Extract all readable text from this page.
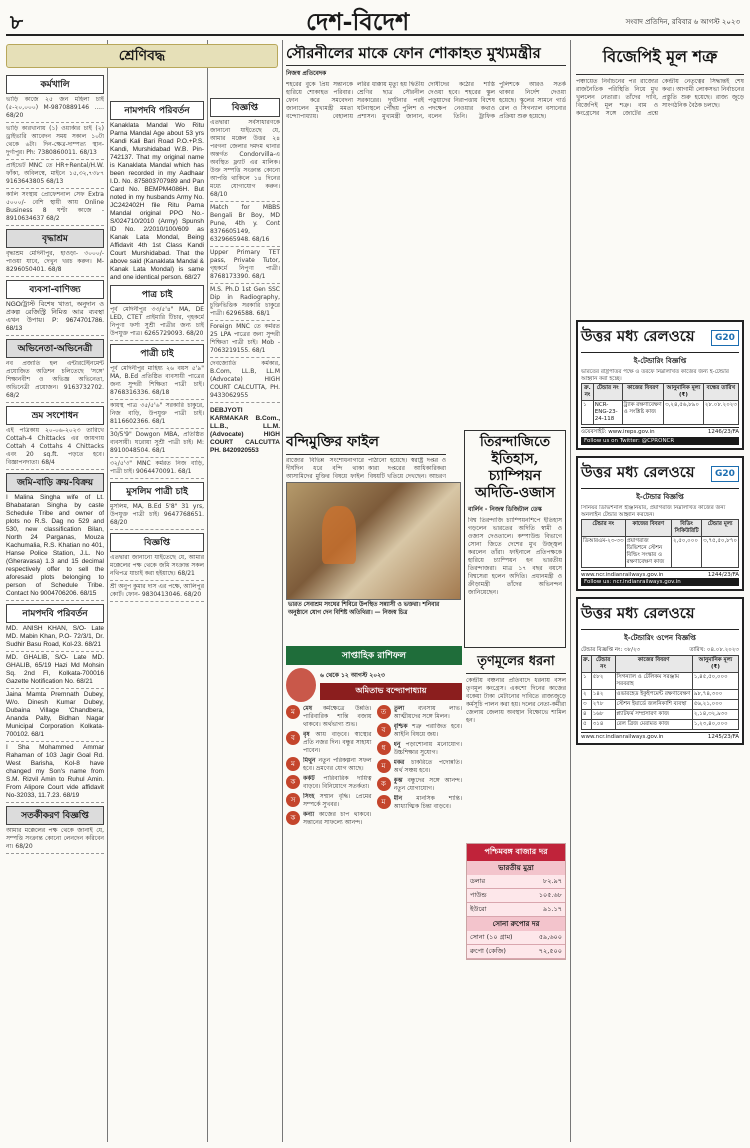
৮	দেশ-বিদেশ	সংবাদ প্রতিদিন, রবিবার ৬ আগস্ট ২০২৩
শ্রেণিবদ্ধ
কর্মখালি
ভাড়ি কাজে ২৫ জন মহিলা চাই (৫-২০,০০০) M-9870889146 ..... 68/20
ভাড়ি কারখানায় (১) ওয়ার্কার চাই (২) ড্রাইভারি আবেদন সময় সকাল ১০টা থেকে ৬টা। দিন-ক্ষেত্র-দাম্পত্য স্থান-দুর্গাপুর। Ph: 7380860011. 68/13
প্রাইভেট MNC তে HR+Rental/H.W. ফাঁকা, অবিলম্বে, মাইনে ১৫,৩২,৭৩৮৭ 9163643805 68/13
কালি সংস্থায় প্রোফেশনাল সেফ Extra ৫০০০/- বেশি স্থায়ী আয় Online Business 8 ঘণ্টা কাজে - 8910634637 68/2
বৃদ্ধাশ্রম
বৃদ্ধাশ্রম মেদিনীপুর, হাওড়া- ৩০০০/- পাওয়া যাবে, দেখুন খরচ করুন। M- 8296050401. 68/8
ব্যবসা-বাণিজ্য
NGO/ট্রাস্ট বিশেষ খাতা, অনুদান ও প্রকল্প রেজিস্ট্রি নিমিত্ত আর ব্যবস্থা এখন উপায়। P: 9674701786. 68/13
অভিনেতা-অভিনেত্রী
নব প্রজাতি হল এন্টারটেইনমেন্ট প্রযোজিত অডিশন চলিতেছে 'সঙ্গে' শিক্ষানবীশ ও অভিজ্ঞ অভিনেতা, অভিনেত্রী প্রয়োজন। 9163732702. 68/2
ভ্রম সংশোধন
এই পত্রিকায় ২০-০৬-২০২৩ তারিখে Cottah-4 Chittacks এর জায়গায় Cottah 4 Cottahs 4 Chittacks এবং 20 sq.ft. পড়তে হবে। বিজ্ঞাপনদাতা। 68/4
জমি-বাড়ি ক্রয়-বিক্রয়
I Malina Singha wife of Lt. Bhabataran Singha by caste Schedule Tribe and owner of plots no R.S. Dag no 529 and 530, new classification Bilan, North 24 Parganas, Mouza Kachumalia, R.S. Khatian no 401, Hanse Police Station, J.L. No (Gheravasa) 1.3 and 15 decimal respectively offer to sell the aforesaid plots belonging to person of Schedule Tribe. Contact No 9004706206. 68/15
নামপদবি পরিবর্তন
MD. ANISH KHAN, S/O- Late MD. Mabin Khan, P.O- 72/3/1, Dr. Sudhir Basu Road, Kol-23. 68/21
MD. GHALIB, S/O- Late MD. GHALIB, 65/19 Hazi Md Mohsin Sq. 2nd Fl, Kolkata-700016 Gazette Notification No. 68/21
Jaina Mamta Premnath Dubey, W/o. Dinesh Kumar Dubey, Dubaina Village 'Chandbera, Ananda Palty, Bidhan Nagar Municipal Corporation Kolkata-700102. 68/1
I Sha Mohammed Ammar Rahaman of 103 Jagir Goal Rd. West Barisha, Kol-8 have changed my Son's name from S.M. Rizvil Amin to Ruhul Amin. From Alipore Court vide affidavit No-32033, 11.7.23. 68/19
সতর্কীকরণ বিজ্ঞপ্তি
আমার মক্কেলের পক্ষ থেকে জানাই যে, সম্পত্তি সংক্রান্ত কোনো লেনদেন করিবেন না। 68/20
নামপদবি পরিবর্তন
Kanaklata Mandal Wo Ritu Parna Mandal Age about 53 yrs Kandi Kali Bari Road P.O.+P.S. Kandi, Murshidabad W.B. Pin-742137. That my original name is Kanaklata Mandal which has been recorded in my Aadhaar I.D. No. 875803707989 and Pan Card No. BEMPM4086H. But noted in my husbands Army No. JC242402H file Ritu Parna Mandal original PPO No.- S/024710/2010 (Army) Spunsh ID No. 2/2010/100/609 as Kanak Lata Mondal, Being Affidavit 4th 1st Class Kandi Court Murshidabad. That the above said (Kanaklata Mandal & Kanak Lata Mondal) is same and one identical person. 68/27
পাত্র চাই
পূর্ব মেদিনীপুর ৩৩/৫'৪" MA, DE LED, CTET প্রাইমারি টিচার, গৃহকর্মে নিপুণা ফর্সা সুশ্রী পাত্রীর জন্য চাই উপযুক্ত পাত্র। 6265729093. 68/20
পাত্রী চাই
পূর্ব মেদিনীপুর মাহিষ্য ২৬ বয়স ৫'৯" MA, B.Ed প্রতিষ্ঠিত ব্যবসায়ী পাত্রের জন্য সুন্দরী শিক্ষিতা পাত্রী চাই। 8768316336. 68/18
কায়স্থ পাত্র ৩৫/৫'৬" সরকারি চাকুরে, নিজ বাড়ি, উপযুক্ত পাত্রী চাই। 8116602366. 68/1
30/5'9" Dowgon MBA, প্রতিষ্ঠিত ব্যবসায়ী। ঘরোয়া সুশ্রী পাত্রী চাই। M: 8910048504. 68/1
৩২/৫'৩" MNC কর্মরত নিজ বাড়ি, পাত্রী চাই। 9064470091. 68/1
মুসলিম পাত্রী চাই
মুসলিম, MA, B.Ed 5'8" 31 yrs, উপযুক্ত পাত্রী চাই। 9647768651. 68/20
বিজ্ঞপ্তি
এতদ্বারা জানানো যাইতেছে যে, আমার মক্কেলের পক্ষ থেকে জমি সংক্রান্ত সকল নথিপত্র যাচাই করা হইয়াছে। 68/21
শ্রী অনুপ কুমার দাস এর পক্ষে, আলিপুর কোর্ট। ফোন- 9830413046. 68/20
বিজ্ঞপ্তি
এতদ্বারা সর্বসাধারণকে জানানো যাইতেছে যে, আমার মক্কেল উত্তর ২৪ পরগনা জেলার দমদম থানার অন্তর্গত Condorvilla-এ অবস্থিত ফ্ল্যাট এর মালিক। উক্ত সম্পত্তি সংক্রান্ত কোনো আপত্তি থাকিলে ১৪ দিনের মধ্যে যোগাযোগ করুন। 68/10
Match for MBBS Bengali Br Boy, MD Pune, 4th y. Cont 8376605149, 6329665948. 68/16
Upper Primary TET pass, Private Tutor, গৃহকর্মে নিপুণা পাত্রী। 8768173390. 68/1
M.S. Ph.D 1st Gen SSC Dip in Radiography, চুক্তিভিত্তিক সরকারি চাকুরে পাত্রী। 6296588. 68/1
Foreign MNC তে কর্মরত 25 LPA পাত্রের জন্য সুন্দরী শিক্ষিতা পাত্রী চাই। Mob - 7063219155. 68/1
দেবজ্যোতি কর্মকার, B.Com, LL.B, LL.M (Advocate) HIGH COURT CALCUTTA, PH. 9433062955
DEBJYOTI KARMAKAR B.Com., LL.B., LL.M. (Advocate) HIGH COURT CALCUTTA PH. 8420920553
সৌরনীলের মাকে ফোন শোকাহত মুখ্যমন্ত্রীর
নিজস্ব প্রতিবেদক
শহরের বুকে প্রিয় সন্তানকে হারিয়ে শোকাহত পরিবার। ফোন করে সমবেদনা জানালেন মুখ্যমন্ত্রী মমতা বন্দ্যোপাধ্যায়। বেহালায় লরির ধাক্কায় মৃত্যু হয় দ্বিতীয় শ্রেণির ছাত্র সৌরনীল সরকারের। দুর্ঘটনার পরই ঘটনাস্থলে পৌঁছয় পুলিশ ও প্রশাসন। মুখ্যমন্ত্রী জানান, দোষীদের কঠোর শাস্তি দেওয়া হবে। শহরের স্কুল পড়ুয়াদের নিরাপত্তায় বিশেষ পদক্ষেপ নেওয়ার কথাও বলেন তিনি। ট্রাফিক পুলিশকে আরও সতর্ক থাকার নির্দেশ দেওয়া হয়েছে। স্কুলের সামনে গার্ড রেল ও সিগন্যাল বসানোর প্রক্রিয়া শুরু হয়েছে।
বন্দিমুক্তির ফাইল
রাজ্যের বিভিন্ন সংশোধনাগারে দীর্ঘদিন ধরে বন্দি থাকা আসামিদের মুক্তির বিষয়ে ফাইল পাঠানো হয়েছে। স্বরাষ্ট্র দপ্তর ও কারা দপ্তরের আধিকারিকরা বিষয়টি খতিয়ে দেখছেন। আচরণ
ভারত সেবাশ্রম সংঘের শিবিরে উপস্থিত সন্ন্যাসী ও ভক্তরা। শনিবার অনুষ্ঠানে যোগ দেন বিশিষ্ট অতিথিরা। — নিজস্ব চিত্র
তিরন্দাজিতে ইতিহাস, চ্যাম্পিয়ন অদিতি-ওজাস
বার্লিন - নিজস্ব ডিজিটাল ডেস্ক
বিশ্ব তিরন্দাজি চ্যাম্পিয়নশিপে ইতিহাস গড়লেন ভারতের অদিতি স্বামী ও ওজাস দেওতালে। কম্পাউন্ড বিভাগে সোনা জিতে দেশের মুখ উজ্জ্বল করলেন তাঁরা। ফাইনালে প্রতিপক্ষকে হারিয়ে চ্যাম্পিয়ন হন ভারতীয় তিরন্দাজরা। মাত্র ১৭ বছর বয়সে বিশ্বসেরা হলেন অদিতি। প্রধানমন্ত্রী ও ক্রীড়ামন্ত্রী তাঁদের অভিনন্দন জানিয়েছেন।
সাপ্তাহিক রাশিফল
৬ থেকে ১২ আগস্ট ২০২৩
অমিতাভ বন্দ্যোপাধ্যায়
ম	মেষ কর্মক্ষেত্রে উন্নতি। পারিবারিক শান্তি বজায় থাকবে। অর্থভাগ্য শুভ।
ব	বৃষ আয় বাড়বে। স্বাস্থ্যের প্রতি নজর দিন। বন্ধুর সাহায্য পাবেন।
ম	মিথুন নতুন পরিকল্পনা সফল হবে। ভ্রমণের যোগ আছে।
ক	কর্কট পারিবারিক দায়িত্ব বাড়বে। বিনিয়োগে সতর্কতা।
স	সিংহ সম্মান বৃদ্ধি। প্রেমের সম্পর্কে সুখবর।
ক	কন্যা কাজের চাপ থাকবে। সন্তানের সাফল্যে আনন্দ।
ত	তুলা ব্যবসায় লাভ। আত্মীয়দের সঙ্গে মিলন।
ব	বৃশ্চিক শত্রু পরাজিত হবে। আইনি বিষয়ে জয়।
ধ	ধনু পড়াশোনায় মনোযোগ। উচ্চশিক্ষার সুযোগ।
ম	মকর চাকরিতে পদোন্নতি। অর্থ সঞ্চয় হবে।
ক	কুম্ভ বন্ধুদের সঙ্গে আনন্দ। নতুন যোগাযোগ।
ম	মীন মানসিক শান্তি। আধ্যাত্মিক চিন্তা বাড়বে।
তৃণমূলের ধরনা
কেন্দ্রীয় বঞ্চনার প্রতিবাদে ধরনায় বসল তৃণমূল কংগ্রেস। একশো দিনের কাজের বকেয়া টাকা মেটানোর দাবিতে রাজ্যজুড়ে কর্মসূচি পালন করা হয়। দলের নেতা-কর্মীরা জেলায় জেলায় অবস্থান বিক্ষোভে শামিল হন।
পশ্চিমবঙ্গ বাজার দর
ভারতীয় মুদ্রা
ডলার	৮২.৯৭
পাউন্ড	১০৫.৬৮
ইউরো	৯১.১৭
সোনা রুপোর দর
সোনা (১০ গ্রাম)	৫৯,৬০০
রুপো (কেজি)	৭২,৫০০
বিজেপিই মূল শত্রু
পঞ্চায়েত নির্বাচনের পর রাজ্যের রাজনৈতিক পরিস্থিতি নিয়ে মুখ খুললেন নেতারা। তাঁদের দাবি, বিজেপিই মূল শত্রু। বাম ও কংগ্রেসের সঙ্গে জোটের প্রশ্নে কেন্দ্রীয় নেতৃত্বের সিদ্ধান্তই শেষ কথা। আগামী লোকসভা নির্বাচনের প্রস্তুতি শুরু হয়েছে। রাজ্য জুড়ে সাংগঠনিক বৈঠক চলছে।
উত্তর মধ্য রেলওয়ে	G20
ই-টেন্ডারিং বিজ্ঞপ্তি
ভারতের রাষ্ট্রপতির পক্ষে ও তরফে নিম্নলিখিত কাজের জন্য ই-টেন্ডার আহ্বান করা হচ্ছে।
ক্র. নং	টেন্ডার নং	কাজের বিবরণ	আনুমানিক মূল্য (₹)	বন্ধের তারিখ
১	NCR-ENG-23-24-118	ট্র্যাক রক্ষণাবেক্ষণ ও সংশ্লিষ্ট কাজ	৩,২৪,৫৬,৮৯০	২৮.০৮.২০২৩
ওয়েবসাইট: www.ireps.gov.in	1246/23/FA
Follow us on Twitter: @CPRONCR
উত্তর মধ্য রেলওয়ে	G20
ই-টেন্ডার বিজ্ঞপ্তি
সিনিয়র ডিভিশনাল ইঞ্জিনিয়ার, প্রয়াগরাজ নিম্নলিখিত কাজের জন্য অনলাইন টেন্ডার আহ্বান করছেন।
টেন্ডার নং	কাজের বিবরণ	বিডিং সিকিউরিটি	টেন্ডার মূল্য
ডিআরএম-২৩-৩৩	প্রয়াগরাজ ডিভিশনে স্টেশন বিল্ডিং সংস্কার ও রক্ষণাবেক্ষণ কাজ	২,৫০,০০০	৩,৭৫,৫০,৮৭০
www.ncr.indianrailways.gov.in	1244/23/FA
Follow us: ncr.indianrailways.gov.in
উত্তর মধ্য রেলওয়ে
ই-টেন্ডারিং ওপেন বিজ্ঞপ্তি
টেন্ডার বিজ্ঞপ্তি নং: ৩৮/২৩	তারিখ: ০৪.০৮.২০২৩
ক্র.	টেন্ডার নং	কাজের বিবরণ	আনুমানিক মূল্য (₹)
১	৫৮২	সিগন্যাল ও টেলিকম সরঞ্জাম সরবরাহ	১,৪৫,৫০,০০০
২	১৪২	ওভারহেড ইকুইপমেন্ট রক্ষণাবেক্ষণ	৯৮,৭৪,৩০০
৩	২৭৮	স্টেশন ইয়ার্ডে জলনিকাশি ব্যবস্থা	৫৬,২১,০০০
৪	১৬৮	প্ল্যাটফর্ম সম্প্রসারণ কাজ	২,১৪,৩২,৯৩০
৫	৩১৪	রেল ব্রিজ মেরামত কাজ	১,২৩,৪০,০০০
www.ncr.indianrailways.gov.in	1245/23/FA
